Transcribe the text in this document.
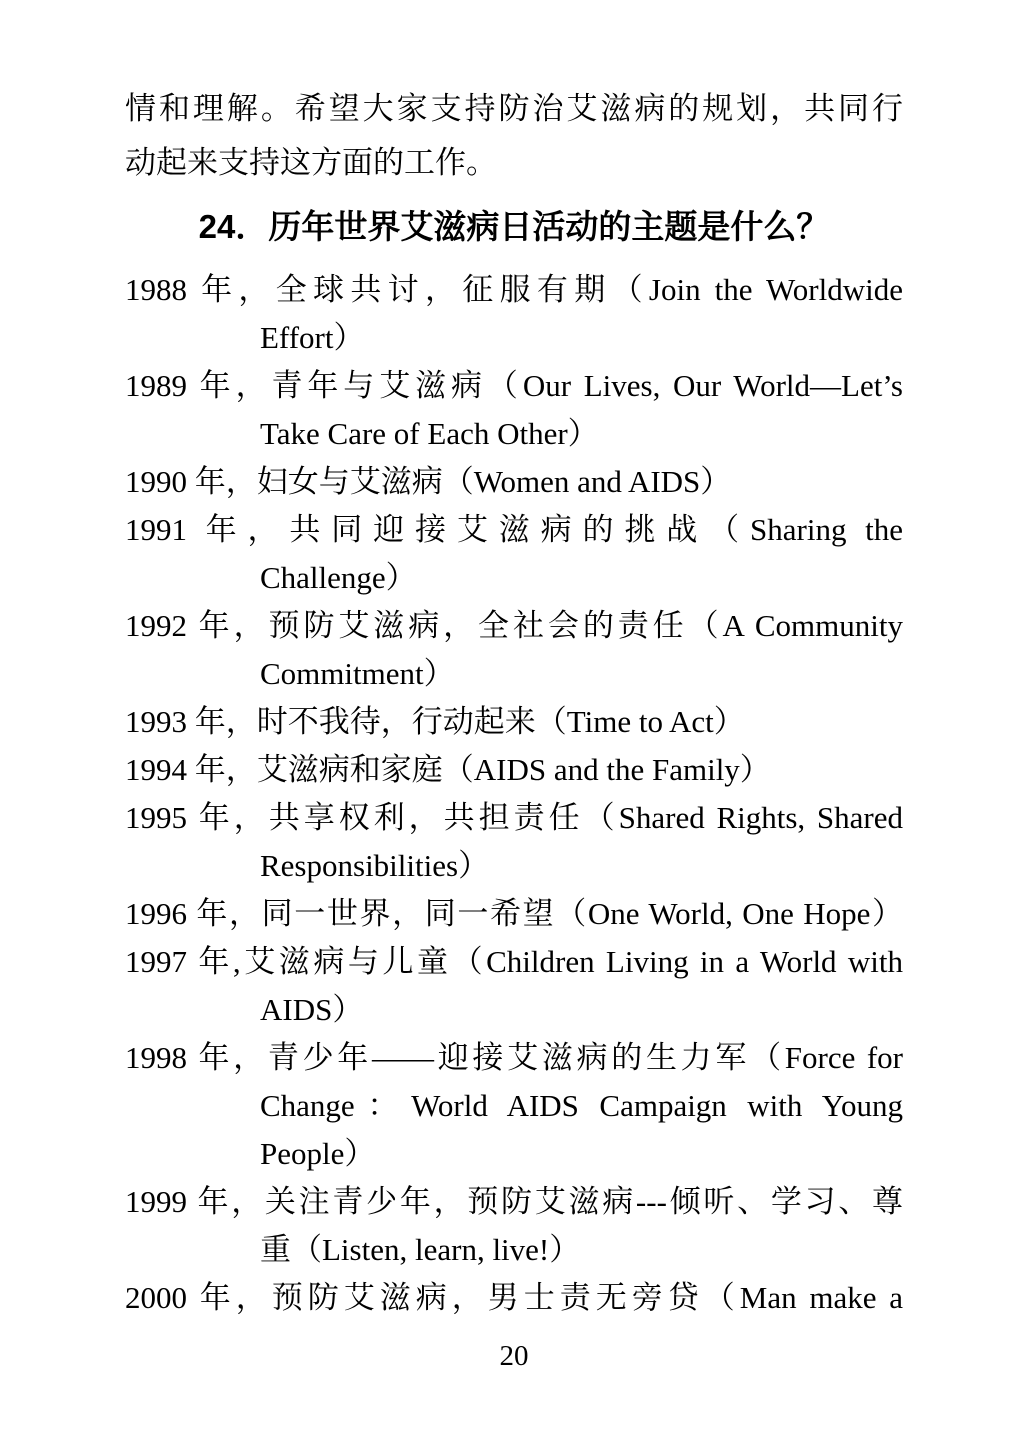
情和理解。希望大家支持防治艾滋病的规划，共同行
动起来支持这方面的工作。
24．历年世界艾滋病日活动的主题是什么？
1988 年，全球共讨，征服有期（Join the Worldwide
Effort）
1989 年，青年与艾滋病（Our Lives, Our World—Let’s
Take Care of Each Other）
1990 年，妇女与艾滋病（Women and AIDS）
1991 年，共同迎接艾滋病的挑战（Sharing the
Challenge）
1992 年，预防艾滋病，全社会的责任（A Community
Commitment）
1993 年，时不我待，行动起来（Time to Act）
1994 年，艾滋病和家庭（AIDS and the Family）
1995 年，共享权利，共担责任（Shared Rights, Shared
Responsibilities）
1996 年，同一世界，同一希望（One World, One Hope）
1997 年,艾滋病与儿童（Children Living in a World with
AIDS）
1998 年，青少年——迎接艾滋病的生力军（Force for
Change：World AIDS Campaign with Young
People）
1999 年，关注青少年，预防艾滋病---倾听、学习、尊
重（Listen, learn, live!）
2000 年，预防艾滋病，男士责无旁贷（Man make a
20
